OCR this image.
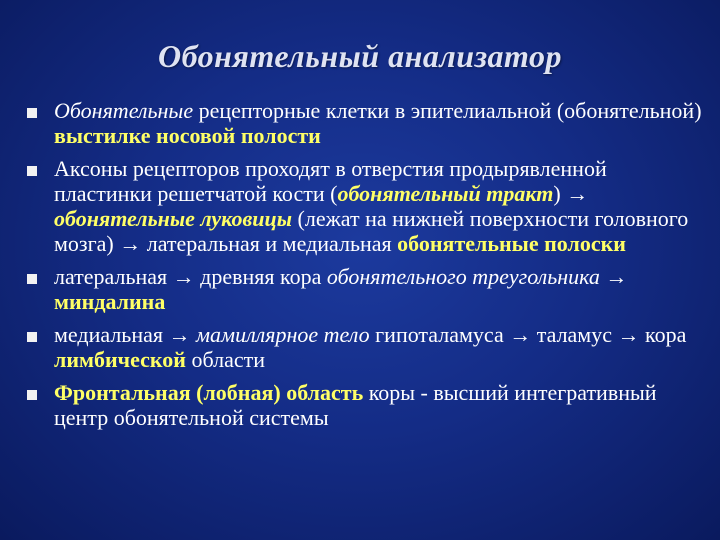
Обонятельный анализатор
Обонятельные рецепторные клетки в эпителиальной (обонятельной) выстилке носовой полости
Аксоны рецепторов проходят в отверстия продырявленной пластинки решетчатой кости (обонятельный тракт) → обонятельные луковицы (лежат на нижней поверхности головного мозга) → латеральная и медиальная обонятельные полоски
латеральная → древняя кора обонятельного треугольника → миндалина
медиальная → мамиллярное тело гипоталамуса → таламус → кора лимбической области
Фронтальная (лобная) область коры - высший интегративный центр обонятельной системы
